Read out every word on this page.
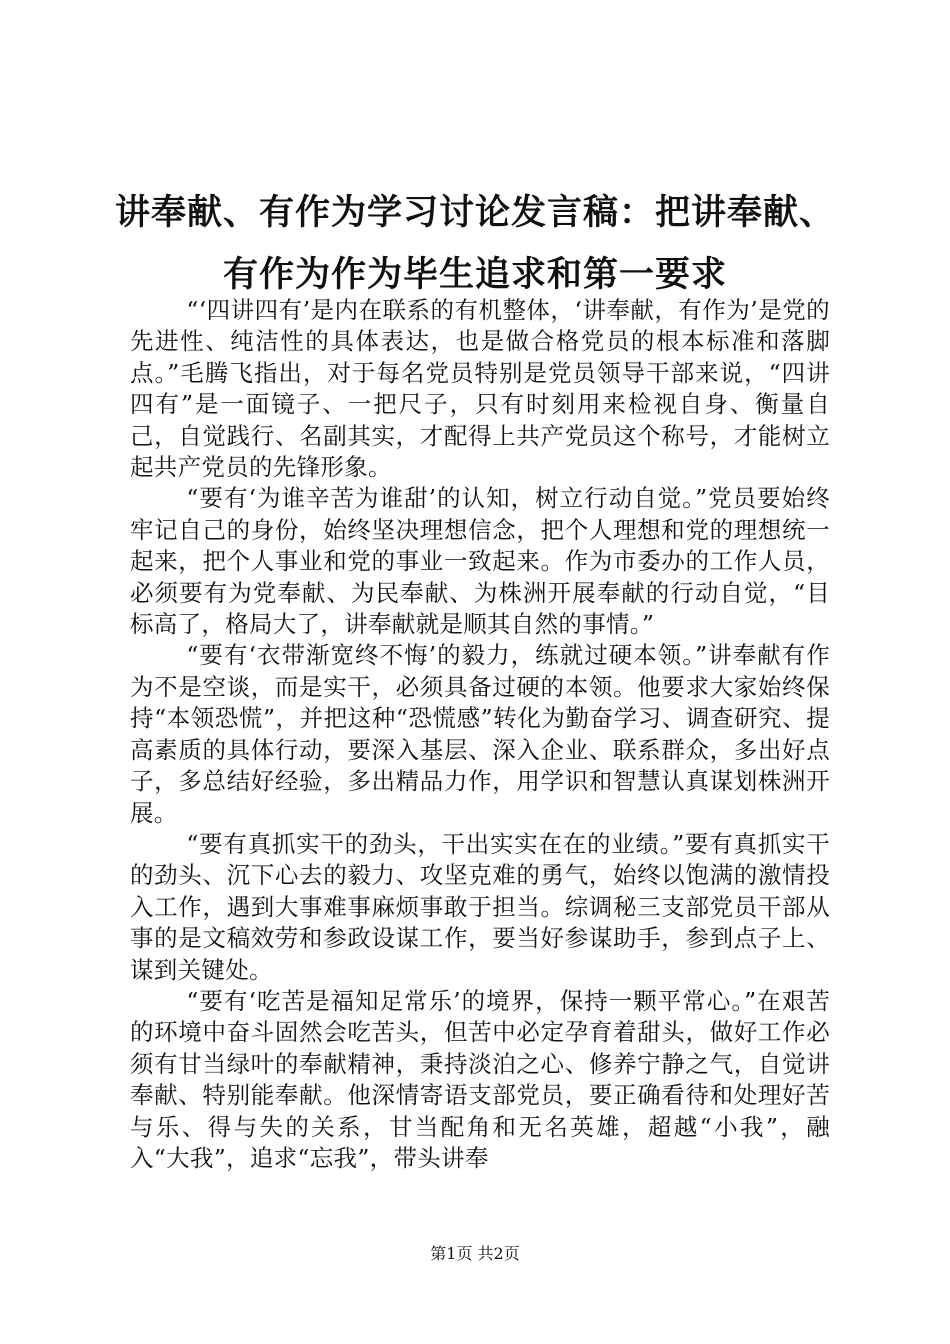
讲奉献、有作为学习讨论发言稿：把讲奉献、有作为作为毕生追求和第一要求

“‘四讲四有’是内在联系的有机整体，‘讲奉献，有作为’是党的先进性、纯洁性的具体表达，也是做合格党员的根本标准和落脚点。”毛腾飞指出，对于每名党员特别是党员领导干部来说，“四讲四有”是一面镜子、一把尺子，只有时刻用来检视自身、衡量自己，自觉践行、名副其实，才配得上共产党员这个称号，才能树立起共产党员的先锋形象。

“要有‘为谁辛苦为谁甜’的认知，树立行动自觉。”党员要始终牢记自己的身份，始终坚决理想信念，把个人理想和党的理想统一起来，把个人事业和党的事业一致起来。作为市委办的工作人员，必须要有为党奉献、为民奉献、为株洲开展奉献的行动自觉，“目标高了，格局大了，讲奉献就是顺其自然的事情。”

“要有‘衣带渐宽终不悔’的毅力，练就过硬本领。”讲奉献有作为不是空谈，而是实干，必须具备过硬的本领。他要求大家始终保持“本领恐慌”，并把这种“恐慌感”转化为勤奋学习、调查研究、提高素质的具体行动，要深入基层、深入企业、联系群众，多出好点子，多总结好经验，多出精品力作，用学识和智慧认真谋划株洲开展。

“要有真抓实干的劲头，干出实实在在的业绩。”要有真抓实干的劲头、沉下心去的毅力、攻坚克难的勇气，始终以饱满的激情投入工作，遇到大事难事麻烦事敢于担当。综调秘三支部党员干部从事的是文稿效劳和参政设谋工作，要当好参谋助手，参到点子上、谋到关键处。

“要有‘吃苦是福知足常乐’的境界，保持一颗平常心。”在艰苦的环境中奋斗固然会吃苦头，但苦中必定孕育着甜头，做好工作必须有甘当绿叶的奉献精神，秉持淡泊之心、修养宁静之气，自觉讲奉献、特别能奉献。他深情寄语支部党员，要正确看待和处理好苦与乐、得与失的关系，甘当配角和无名英雄，超越“小我”，融入“大我”，追求“忘我”，带头讲奉

第1页 共2页
